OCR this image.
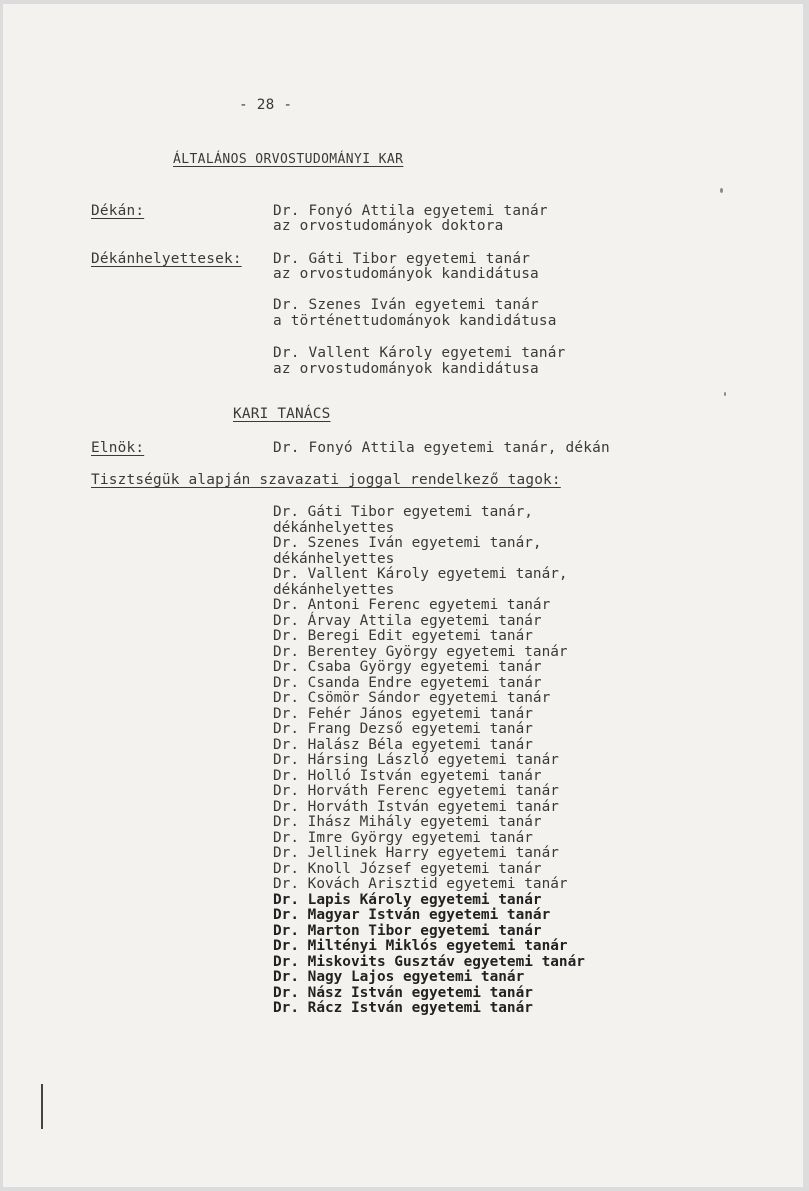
- 28 -
ÁLTALÁNOS ORVOSTUDOMÁNYI KAR
Dékán:	Dr. Fonyó Attila egyetemi tanár
az orvostudományok doktora
Dékánhelyettesek: Dr. Gáti Tibor egyetemi tanár
az orvostudományok kandidátusa
Dr. Szenes Iván egyetemi tanár
a történettudományok kandidátusa
Dr. Vallent Károly egyetemi tanár
az orvostudományok kandidátusa
KARI TANÁCS
Elnök:	Dr. Fonyó Attila egyetemi tanár, dékán
Tisztségük alapján szavazati joggal rendelkező tagok:
Dr. Gáti Tibor egyetemi tanár,
dékánhelyettes
Dr. Szenes Iván egyetemi tanár,
dékánhelyettes
Dr. Vallent Károly egyetemi tanár,
dékánhelyettes
Dr. Antoni Ferenc egyetemi tanár
Dr. Árvay Attila egyetemi tanár
Dr. Beregi Edit egyetemi tanár
Dr. Berentey György egyetemi tanár
Dr. Csaba György egyetemi tanár
Dr. Csanda Endre egyetemi tanár
Dr. Csömör Sándor egyetemi tanár
Dr. Fehér János egyetemi tanár
Dr. Frang Dezső egyetemi tanár
Dr. Halász Béla egyetemi tanár
Dr. Hársing László egyetemi tanár
Dr. Holló István egyetemi tanár
Dr. Horváth Ferenc egyetemi tanár
Dr. Horváth István egyetemi tanár
Dr. Ihász Mihály egyetemi tanár
Dr. Imre György egyetemi tanár
Dr. Jellinek Harry egyetemi tanár
Dr. Knoll József egyetemi tanár
Dr. Kovách Arisztid egyetemi tanár
Dr. Lapis Károly egyetemi tanár
Dr. Magyar István egyetemi tanár
Dr. Marton Tibor egyetemi tanár
Dr. Miltényi Miklós egyetemi tanár
Dr. Miskovits Gusztáv egyetemi tanár
Dr. Nagy Lajos egyetemi tanár
Dr. Nász István egyetemi tanár
Dr. Rácz István egyetemi tanár
